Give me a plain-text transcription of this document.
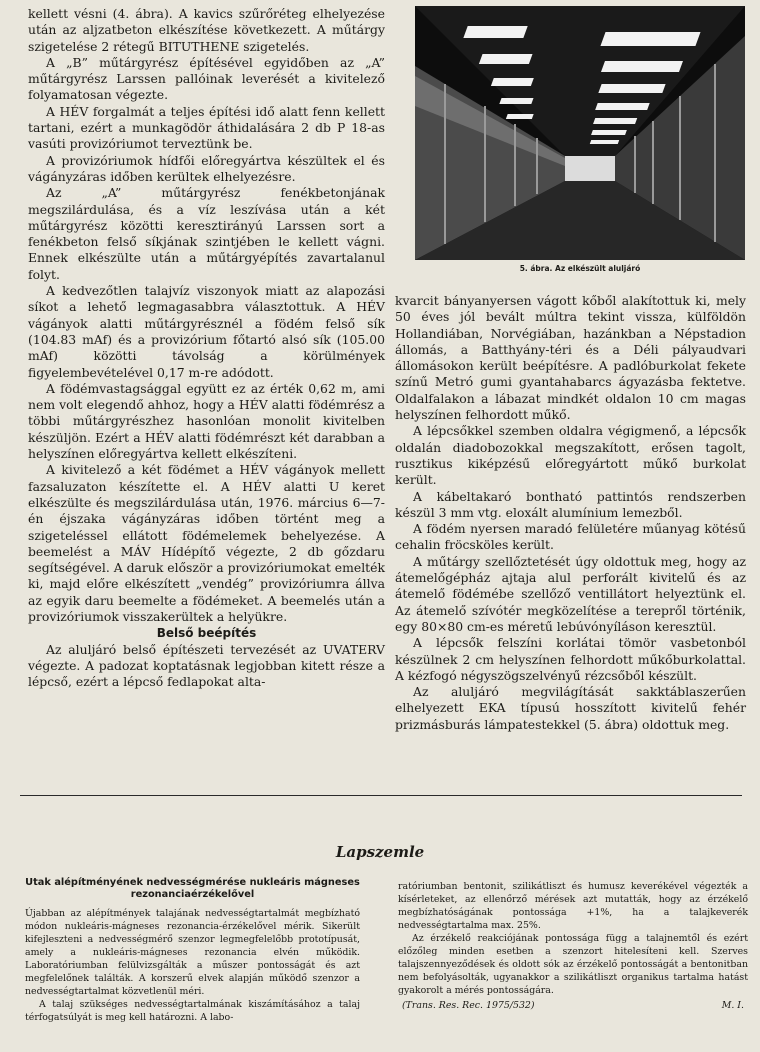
kellett vésni (4. ábra). A kavics szűrőréteg elhelyezése után az aljzatbeton elkészítése következett. A műtárgy szigetelése 2 rétegű BITUTHENE szigetelés.

A „B” műtárgyrész építésével egyidőben az „A” műtárgyrész Larssen pallóinak leverését a kivitelező folyamatosan végezte.

A HÉV forgalmát a teljes építési idő alatt fenn kellett tartani, ezért a munkagödör áthidalására 2 db P 18-as vasúti provizóriumot terveztünk be.

A provizóriumok hídfői előregyártva készültek el és vágányzáras időben kerültek elhelyezésre.

Az „A” műtárgyrész fenékbetonjának megszilárdulása, és a víz leszívása után a két műtárgyrész közötti keresztirányú Larssen sort a fenékbeton felső síkjának szintjében le kellett vágni. Ennek elkészülte után a műtárgyépítés zavartalanul folyt.

A kedvezőtlen talajvíz viszonyok miatt az alapozási síkot a lehető legmagasabbra választottuk. A HÉV vágányok alatti műtárgyrésznél a födém felső sík (104.83 mAf) és a provizórium főtartó alsó sík (105.00 mAf) közötti távolság a körülmények figyelembevételével 0,17 m-re adódott.

A födémvastagsággal együtt ez az érték 0,62 m, ami nem volt elegendő ahhoz, hogy a HÉV alatti födémrész a többi műtárgyrészhez hasonlóan monolit kivitelben készüljön. Ezért a HÉV alatti födémrészt két darabban a helyszínen előregyártva kellett elkészíteni.

A kivitelező a két födémet a HÉV vágányok mellett fazsaluzaton készítette el. A HÉV alatti U keret elkészülte és megszilárdulása után, 1976. március 6—7-én éjszaka vágányzáras időben történt meg a szigeteléssel ellátott födémelemek behelyezése. A beemelést a MÁV Hídépítő végezte, 2 db gőzdaru segítségével. A daruk először a provizóriumokat emelték ki, majd előre elkészített „vendég” provizóriumra állva az egyik daru beemelte a födémeket. A beemelés után a provizóriumok visszakerültek a helyükre.

Belső beépítés

Az aluljáró belső építészeti tervezését az UVATERV végezte. A padozat koptatásnak legjobban kitett része a lépcső, ezért a lépcső fedlapokat alta-

5. ábra. Az elkészült aluljáró

kvarcit bányanyersen vágott kőből alakítottuk ki, mely 50 éves jól bevált múltra tekint vissza, külföldön Hollandiában, Norvégiában, hazánkban a Népstadion állomás, a Batthyány-téri és a Déli pályaudvari állomásokon került beépítésre. A padlóburkolat fekete színű Metró gumi gyantahabarcs ágyazásba fektetve. Oldalfalakon a lábazat mindkét oldalon 10 cm magas helyszínen felhordott műkő.

A lépcsőkkel szemben oldalra végigmenő, a lépcsők oldalán diadobozokkal megszakított, erősen tagolt, rusztikus kiképzésű előregyártott műkő burkolat került.

A kábeltakaró bontható pattintós rendszerben készül 3 mm vtg. eloxált alumínium lemezből.

A födém nyersen maradó felületére műanyag kötésű cehalin fröcsköles került.

A műtárgy szellőztetését úgy oldottuk meg, hogy az átemelőgépház ajtaja alul perforált kivitelű és az átemelő födémébe szellőző ventillátort helyeztünk el. Az átemelő szívótér megközelítése a terepről történik, egy 80×80 cm-es méretű lebúvónyíláson keresztül.

A lépcsők felszíni korlátai tömör vasbetonból készülnek 2 cm helyszínen felhordott műkőburkolattal. A kézfogó négyszögszelvényű rézcsőből készült.

Az aluljáró megvilágítását sakktáblaszerűen elhelyezett EKA típusú hosszított kivitelű fehér prizmásburás lámpatestekkel (5. ábra) oldottuk meg.

Lapszemle
Utak alépítményének nedvességmérése nukleáris mágneses rezonanciaérzékelővel

Újabban az alépítmények talajának nedvességtartalmát megbízható módon nukleáris-mágneses rezonancia-érzékelővel mérik. Sikerült kifejleszteni a nedvességmérő szenzor legmegfelelőbb prototípusát, amely a nukleáris-mágneses rezonancia elvén működik. Laboratóriumban felülvizsgálták a műszer pontosságát és azt megfelelőnek találták. A korszerű elvek alapján működő szenzor a nedvességtartalmat közvetlenül méri.

A talaj szükséges nedvességtartalmának kiszámításához a talaj térfogatsúlyát is meg kell határozni. A labo-

ratóriumban bentonit, szilikátliszt és humusz keverékével végezték a kísérleteket, az ellenőrző mérések azt mutatták, hogy az érzékelő megbízhatóságának pontossága +1%, ha a talajkeverék nedvességtartalma max. 25%.

Az érzékelő reakciójának pontossága függ a talajnemtől és ezért előzőleg minden esetben a szenzort hitelesíteni kell. Szerves talajszennyeződések és oldott sók az érzékelő pontosságát a bentonitban nem befolyásolták, ugyanakkor a szilikátliszt organikus tartalma hatást gyakorolt a mérés pontosságára.

(Trans. Res. Rec. 1975/532)	M. I.
